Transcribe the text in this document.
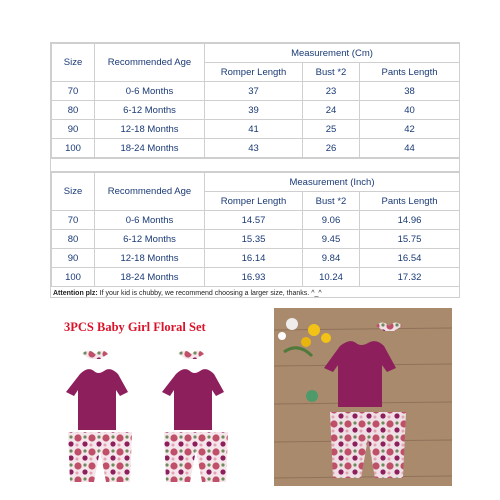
Size	Recommended Age	Measurement (Cm)		
		Romper Length	Bust *2	Pants Length
70	0-6 Months	37	23	38
80	6-12 Months	39	24	40
90	12-18 Months	41	25	42
100	18-24 Months	43	26	44
Size	Recommended Age	Measurement (Inch)		
		Romper Length	Bust *2	Pants Length
70	0-6 Months	14.57	9.06	14.96
80	6-12 Months	15.35	9.45	15.75
90	12-18 Months	16.14	9.84	16.54
100	18-24 Months	16.93	10.24	17.32
Attention plz: If your kid is chubby, we recommend choosing a larger size, thanks. ^_^
3PCS Baby Girl Floral Set
